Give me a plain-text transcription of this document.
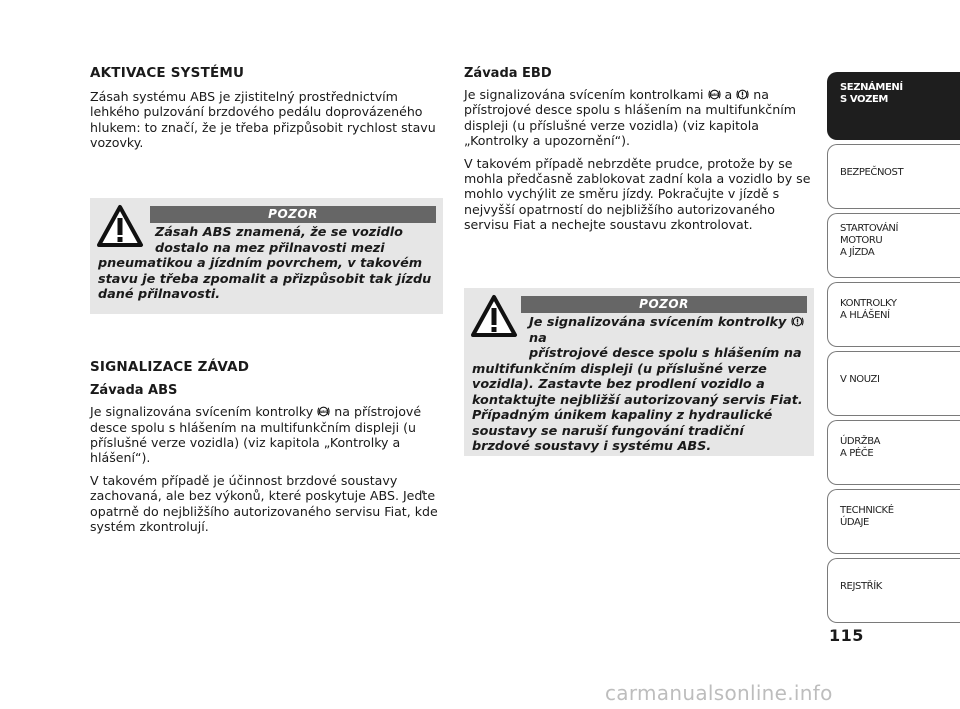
AKTIVACE SYSTÉMU

Zásah systému ABS je zjistitelný prostřednictvím lehkého pulzování brzdového pedálu doprovázeného hlukem: to značí, že je třeba přizpůsobit rychlost stavu vozovky.

POZOR

Zásah ABS znamená, že se vozidlo
dostalo na mez přilnavosti mezi
pneumatikou a jízdním povrchem, v takovém stavu je třeba zpomalit a přizpůsobit tak jízdu dané přilnavosti.

SIGNALIZACE ZÁVAD
Závada ABS

Je signalizována svícením kontrolky ABS na přístrojové desce spolu s hlášením na multifunkčním displeji (u příslušné verze vozidla) (viz kapitola „Kontrolky a hlášení“).

V takovém případě je účinnost brzdové soustavy zachovaná, ale bez výkonů, které poskytuje ABS. Jeďte opatrně do nejbližšího autorizovaného servisu Fiat, kde systém zkontrolují.

Závada EBD

Je signalizována svícením kontrolkami ABS a na přístrojové desce spolu s hlášením na multifunkčním displeji (u příslušné verze vozidla) (viz kapitola „Kontrolky a upozornění“).

V takovém případě nebrzděte prudce, protože by se mohla předčasně zablokovat zadní kola a vozidlo by se mohlo vychýlit ze směru jízdy. Pokračujte v jízdě s nejvyšší opatrností do nejbližšího autorizovaného servisu Fiat a nechejte soustavu zkontrolovat.

POZOR

Je signalizována svícením kontrolky  na
přístrojové desce spolu s hlášením na
multifunkčním displeji (u příslušné verze vozidla). Zastavte bez prodlení vozidlo a kontaktujte nejbližší autorizovaný servis Fiat. Případným únikem kapaliny z hydraulické soustavy se naruší fungování tradiční brzdové soustavy i systému ABS.

SEZNÁMENÍ
S VOZEM
BEZPEČNOST
STARTOVÁNÍ
MOTORU
A JÍZDA
KONTROLKY
A HLÁŠENÍ
V NOUZI
ÚDRŽBA
A PÉČE
TECHNICKÉ
ÚDAJE
REJSTŘÍK
115
carmanualsonline.info
